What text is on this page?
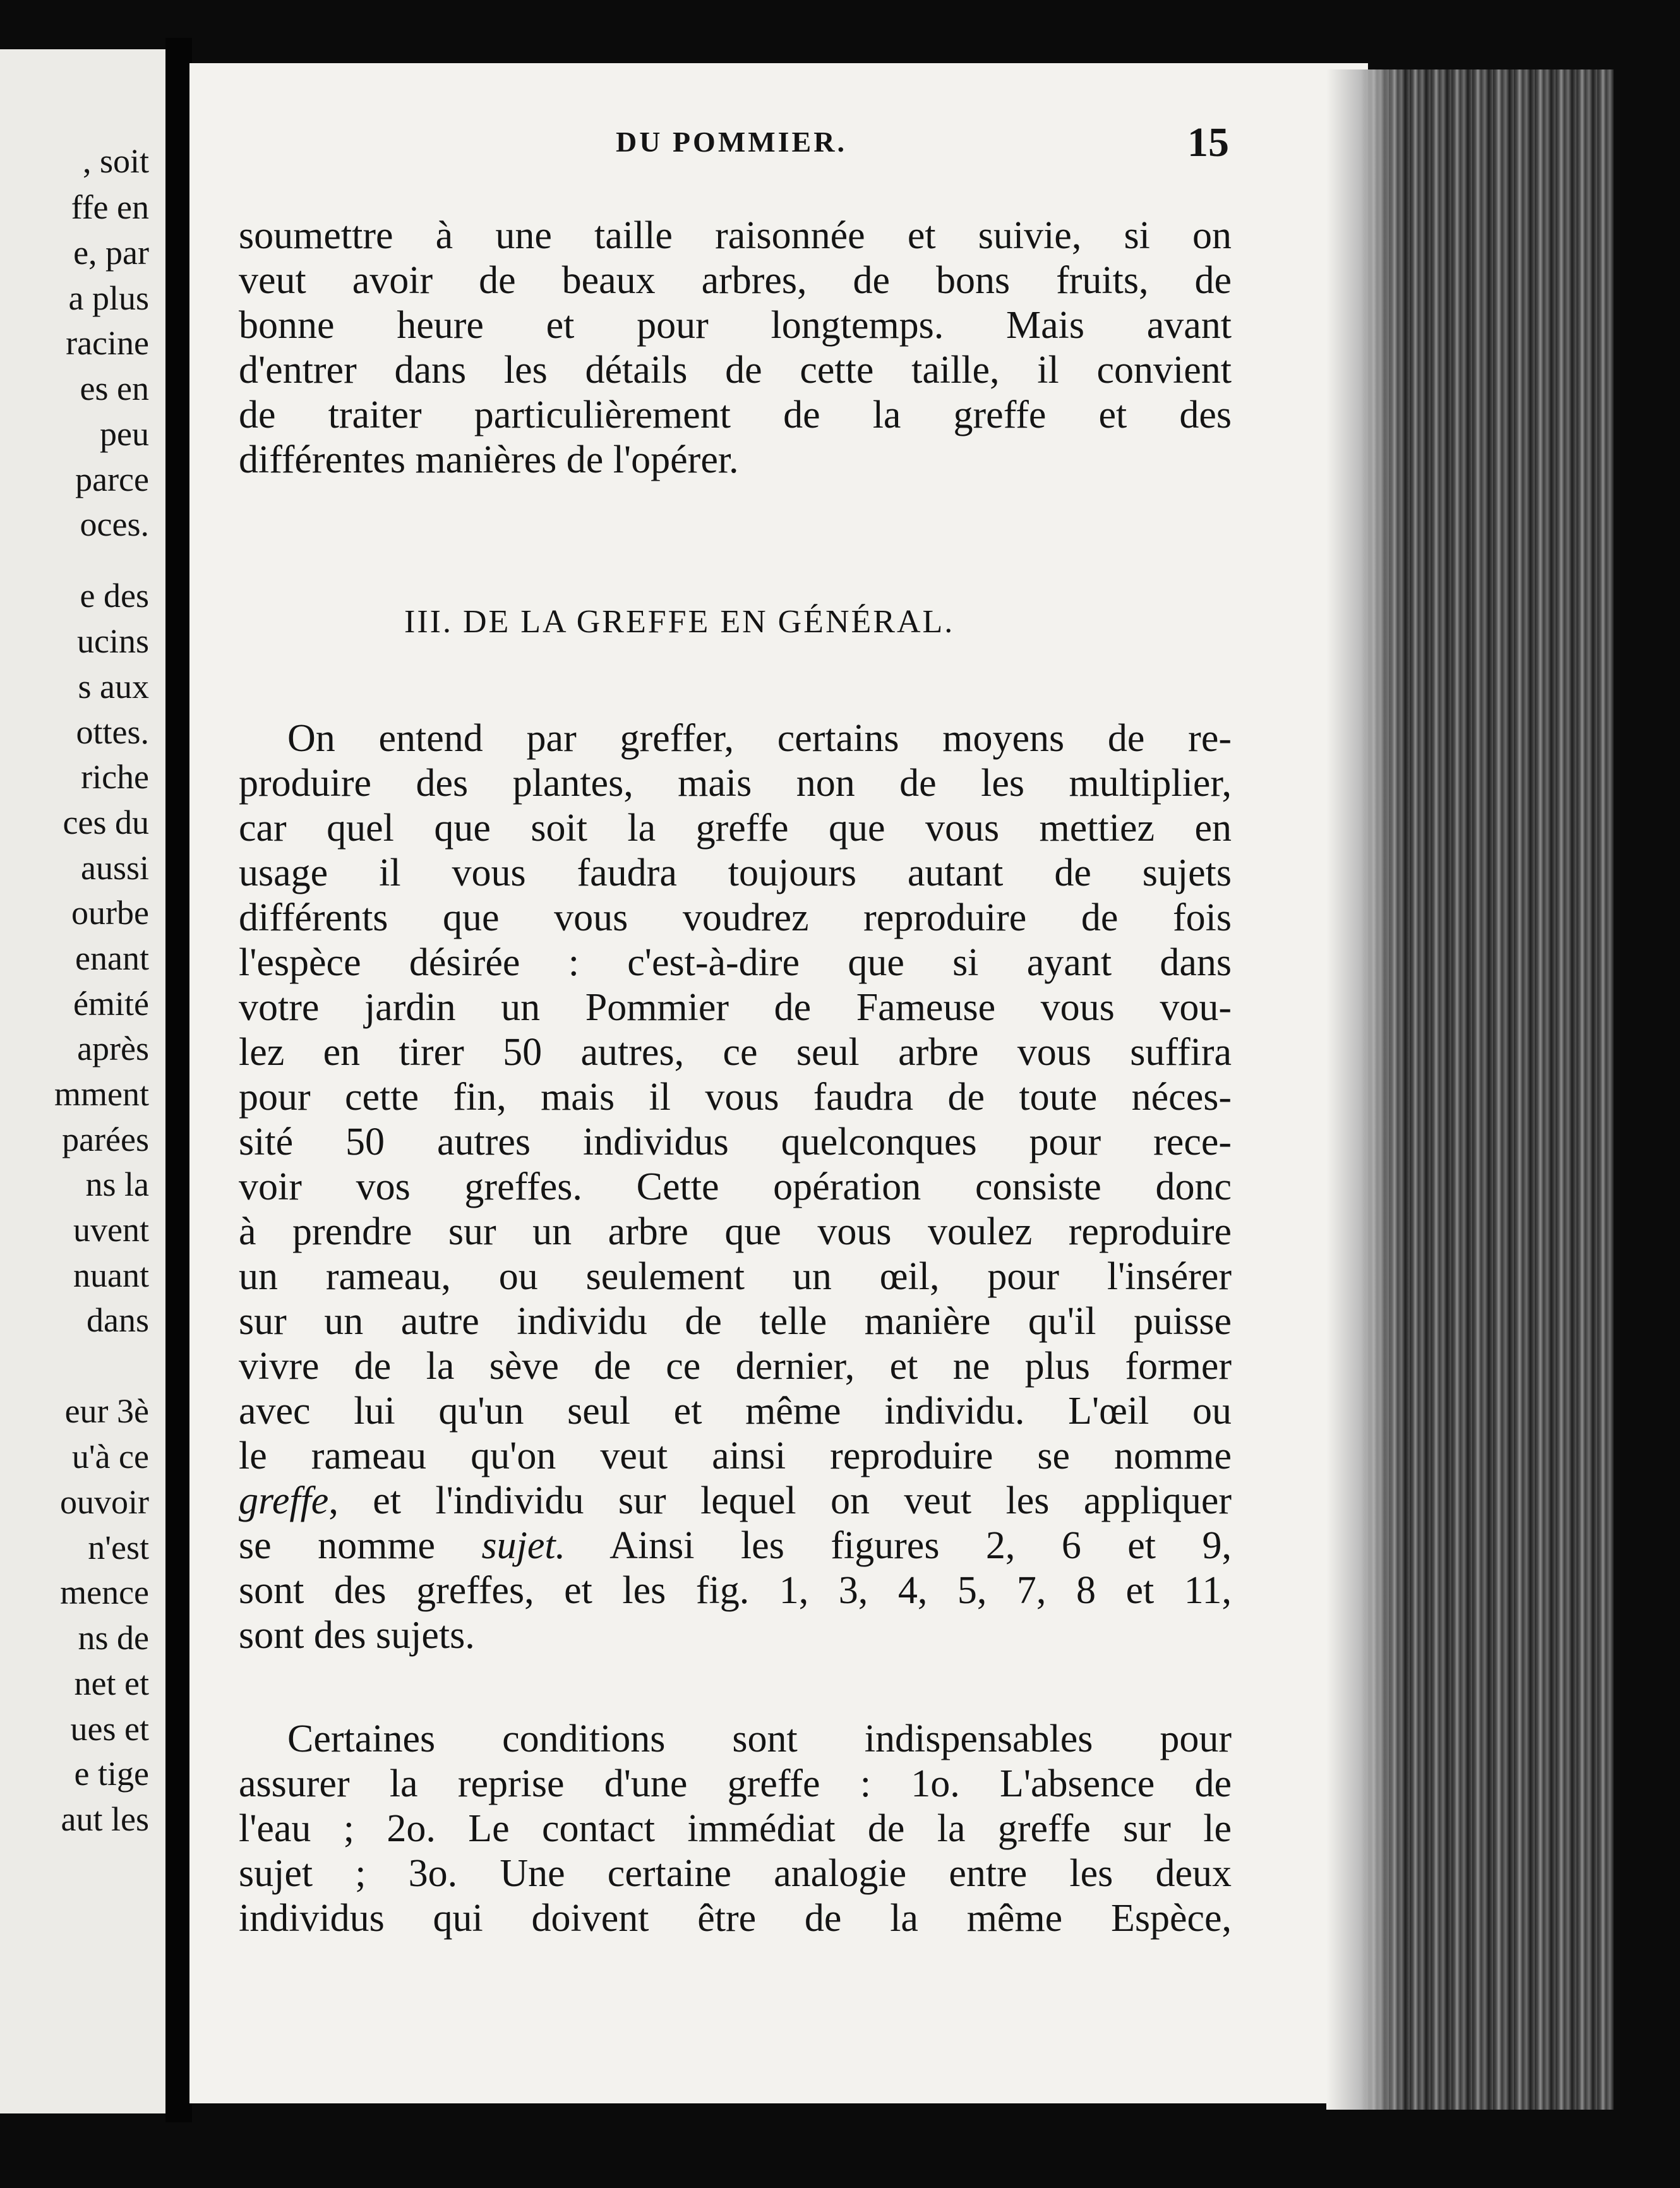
, soit
ffe en
e, par
a plus
racine
es en
peu
parce
oces.
e des
ucins
s aux
ottes.
riche
ces du
aussi
ourbe
enant
émité
après
mment
parées
ns la
uvent
nuant
dans
eur 3è
u'à ce
ouvoir
n'est
mence
ns de
net et
ues et
e tige
aut les
DU POMMIER.	15
soumettre à une taille raisonnée et suivie, si on
veut avoir de beaux arbres, de bons fruits, de
bonne heure et pour longtemps. Mais avant
d'entrer dans les détails de cette taille, il convient
de traiter particulièrement de la greffe et des
différentes manières de l'opérer.
III. DE LA GREFFE EN GÉNÉRAL.
On entend par greffer, certains moyens de re-
produire des plantes, mais non de les multiplier,
car quel que soit la greffe que vous mettiez en
usage il vous faudra toujours autant de sujets
différents que vous voudrez reproduire de fois
l'espèce désirée : c'est-à-dire que si ayant dans
votre jardin un Pommier de Fameuse vous vou-
lez en tirer 50 autres, ce seul arbre vous suffira
pour cette fin, mais il vous faudra de toute néces-
sité 50 autres individus quelconques pour rece-
voir vos greffes. Cette opération consiste donc
à prendre sur un arbre que vous voulez reproduire
un rameau, ou seulement un œil, pour l'insérer
sur un autre individu de telle manière qu'il puisse
vivre de la sève de ce dernier, et ne plus former
avec lui qu'un seul et même individu. L'œil ou
le rameau qu'on veut ainsi reproduire se nomme
greffe, et l'individu sur lequel on veut les appliquer
se nomme sujet. Ainsi les figures 2, 6 et 9,
sont des greffes, et les fig. 1, 3, 4, 5, 7, 8 et 11,
sont des sujets.
Certaines conditions sont indispensables pour
assurer la reprise d'une greffe : 1o. L'absence de
l'eau ; 2o. Le contact immédiat de la greffe sur le
sujet ; 3o. Une certaine analogie entre les deux
individus qui doivent être de la même Espèce,
